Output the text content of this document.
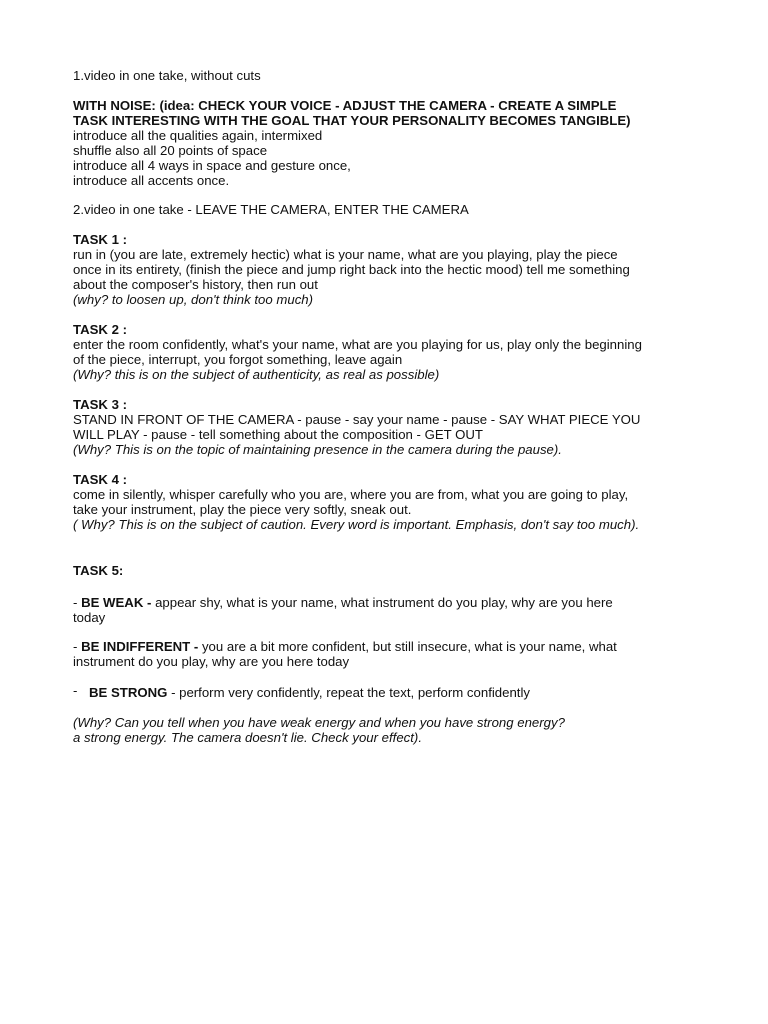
1.video in one take, without cuts

WITH NOISE: (idea: CHECK YOUR VOICE - ADJUST THE CAMERA - CREATE A SIMPLE

TASK INTERESTING WITH THE GOAL THAT YOUR PERSONALITY BECOMES TANGIBLE)

introduce all the qualities again, intermixed

shuffle also all 20 points of space

introduce all 4 ways in space and gesture once,

introduce all accents once.

2.video in one take - LEAVE THE CAMERA, ENTER THE CAMERA

TASK 1 :

run in (you are late, extremely hectic) what is your name, what are you playing, play the piece

once in its entirety, (finish the piece and jump right back into the hectic mood) tell me something

about the composer's history, then run out

(why? to loosen up, don't think too much)

TASK 2 :

enter the room confidently, what's your name, what are you playing for us, play only the beginning

of the piece, interrupt, you forgot something, leave again

(Why? this is on the subject of authenticity, as real as possible)

TASK 3 :

STAND IN FRONT OF THE CAMERA - pause - say your name - pause - SAY WHAT PIECE YOU

WILL PLAY - pause - tell something about the composition - GET OUT

(Why? This is on the topic of maintaining presence in the camera during the pause).

TASK 4 :

come in silently, whisper carefully who you are, where you are from, what you are going to play,

take your instrument, play the piece very softly, sneak out.

( Why? This is on the subject of caution. Every word is important. Emphasis, don't say too much).

TASK 5:

- BE WEAK - appear shy, what is your name, what instrument do you play, why are you here

today

- BE INDIFFERENT - you are a bit more confident, but still insecure, what is your name, what

instrument do you play, why are you here today

- BE STRONG - perform very confidently, repeat the text, perform confidently

(Why? Can you tell when you have weak energy and when you have strong energy?

a strong energy. The camera doesn't lie. Check your effect).
